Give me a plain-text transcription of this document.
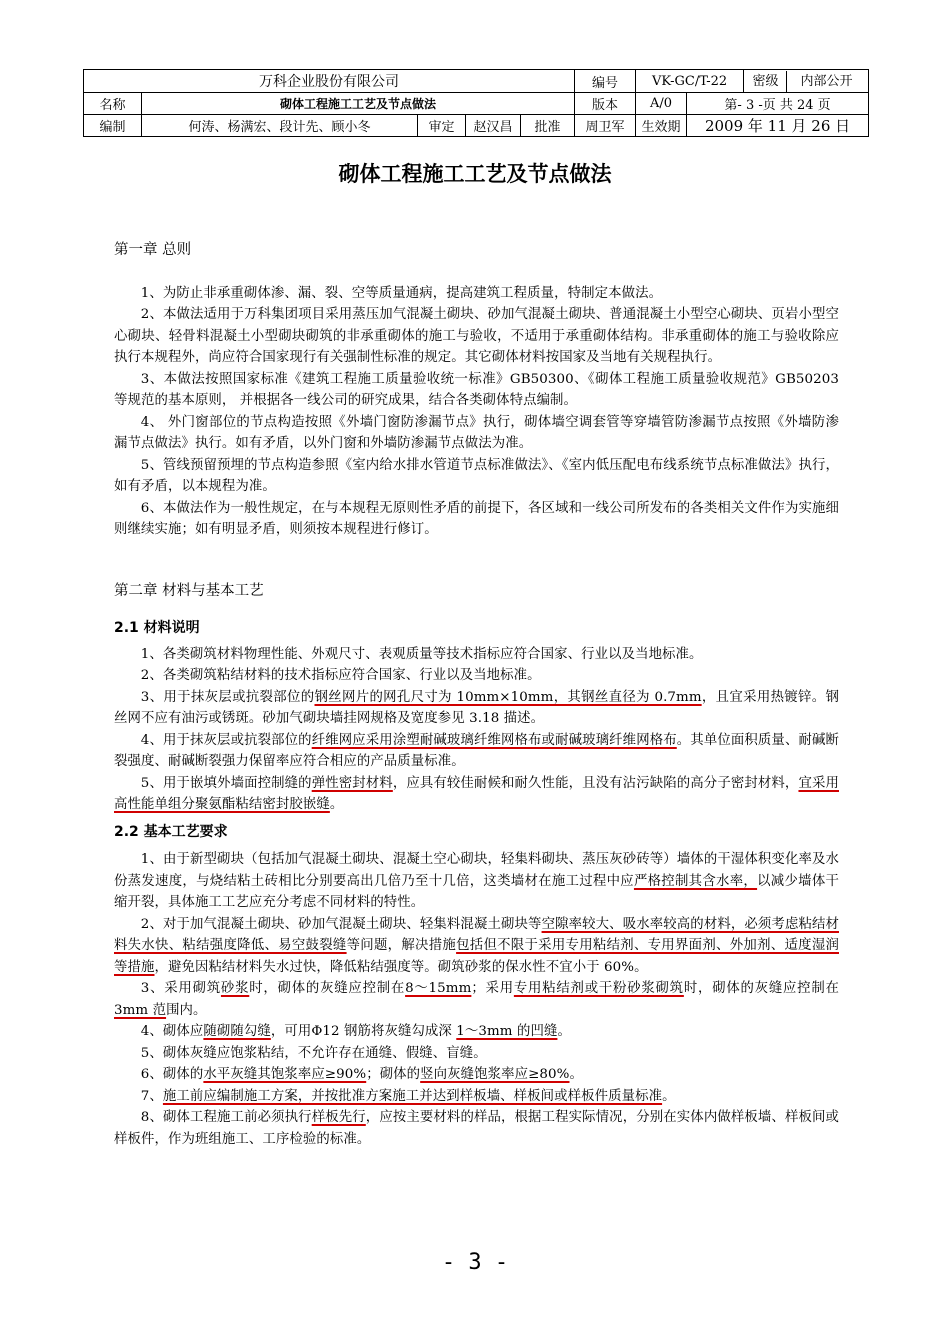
万科企业股份有限公司					编号	VK-GC/T-22		密级 内部公开
名称	砌体工程施工工艺及节点做法				版本	A/0	第- 3 -页 共 24 页	
编制	何涛、杨满宏、段计先、顾小冬	审定	赵汉昌	批准	周卫军	生效期	2009 年 11 月 26 日	
砌体工程施工工艺及节点做法

第一章 总则

1、为防止非承重砌体渗、漏、裂、空等质量通病，提高建筑工程质量，特制定本做法。

2、本做法适用于万科集团项目采用蒸压加气混凝土砌块、砂加气混凝土砌块、普通混凝土小型空心砌块、页岩小型空心砌块、轻骨料混凝土小型砌块砌筑的非承重砌体的施工与验收，不适用于承重砌体结构。非承重砌体的施工与验收除应执行本规程外，尚应符合国家现行有关强制性标准的规定。其它砌体材料按国家及当地有关规程执行。

3、本做法按照国家标准《建筑工程施工质量验收统一标准》GB50300、《砌体工程施工质量验收规范》GB50203 等规范的基本原则， 并根据各一线公司的研究成果，结合各类砌体特点编制。

4、 外门窗部位的节点构造按照《外墙门窗防渗漏节点》执行，砌体墙空调套管等穿墙管防渗漏节点按照《外墙防渗漏节点做法》执行。如有矛盾，以外门窗和外墙防渗漏节点做法为准。

5、管线预留预埋的节点构造参照《室内给水排水管道节点标准做法》、《室内低压配电布线系统节点标准做法》执行，如有矛盾，以本规程为准。

6、本做法作为一般性规定，在与本规程无原则性矛盾的前提下，各区域和一线公司所发布的各类相关文件作为实施细则继续实施；如有明显矛盾，则须按本规程进行修订。

第二章 材料与基本工艺

2.1 材料说明

1、各类砌筑材料物理性能、外观尺寸、表观质量等技术指标应符合国家、行业以及当地标准。

2、各类砌筑粘结材料的技术指标应符合国家、行业以及当地标准。

3、用于抹灰层或抗裂部位的钢丝网片的网孔尺寸为 10mm×10mm，其钢丝直径为 0.7mm，且宜采用热镀锌。钢丝网不应有油污或锈斑。砂加气砌块墙挂网规格及宽度参见 3.18 描述。

4、用于抹灰层或抗裂部位的纤维网应采用涂塑耐碱玻璃纤维网格布或耐碱玻璃纤维网格布。其单位面积质量、耐碱断裂强度、耐碱断裂强力保留率应符合相应的产品质量标准。

5、用于嵌填外墙面控制缝的弹性密封材料，应具有较佳耐候和耐久性能，且没有沾污缺陷的高分子密封材料，宜采用高性能单组分聚氨酯粘结密封胶嵌缝。

2.2 基本工艺要求

1、由于新型砌块（包括加气混凝土砌块、混凝土空心砌块，轻集料砌块、蒸压灰砂砖等）墙体的干湿体积变化率及水份蒸发速度，与烧结粘土砖相比分别要高出几倍乃至十几倍，这类墙材在施工过程中应严格控制其含水率，以减少墙体干缩开裂，具体施工工艺应充分考虑不同材料的特性。

2、对于加气混凝土砌块、砂加气混凝土砌块、轻集料混凝土砌块等空隙率较大、吸水率较高的材料，必须考虑粘结材料失水快、粘结强度降低、易空鼓裂缝等问题，解决措施包括但不限于采用专用粘结剂、专用界面剂、外加剂、适度湿润等措施，避免因粘结材料失水过快，降低粘结强度等。砌筑砂浆的保水性不宜小于 60%。

3、采用砌筑砂浆时，砌体的灰缝应控制在8～15mm；采用专用粘结剂或干粉砂浆砌筑时，砌体的灰缝应控制在3mm 范围内。

4、砌体应随砌随勾缝，可用Φ12 钢筋将灰缝勾成深 1～3mm 的凹缝。

5、砌体灰缝应饱浆粘结，不允许存在通缝、假缝、盲缝。

6、砌体的水平灰缝其饱浆率应≥90%；砌体的竖向灰缝饱浆率应≥80%。

7、施工前应编制施工方案，并按批准方案施工并达到样板墙、样板间或样板件质量标准。

8、砌体工程施工前必须执行样板先行，应按主要材料的样品，根据工程实际情况，分别在实体内做样板墙、样板间或样板件，作为班组施工、工序检验的标准。

- 3 -
